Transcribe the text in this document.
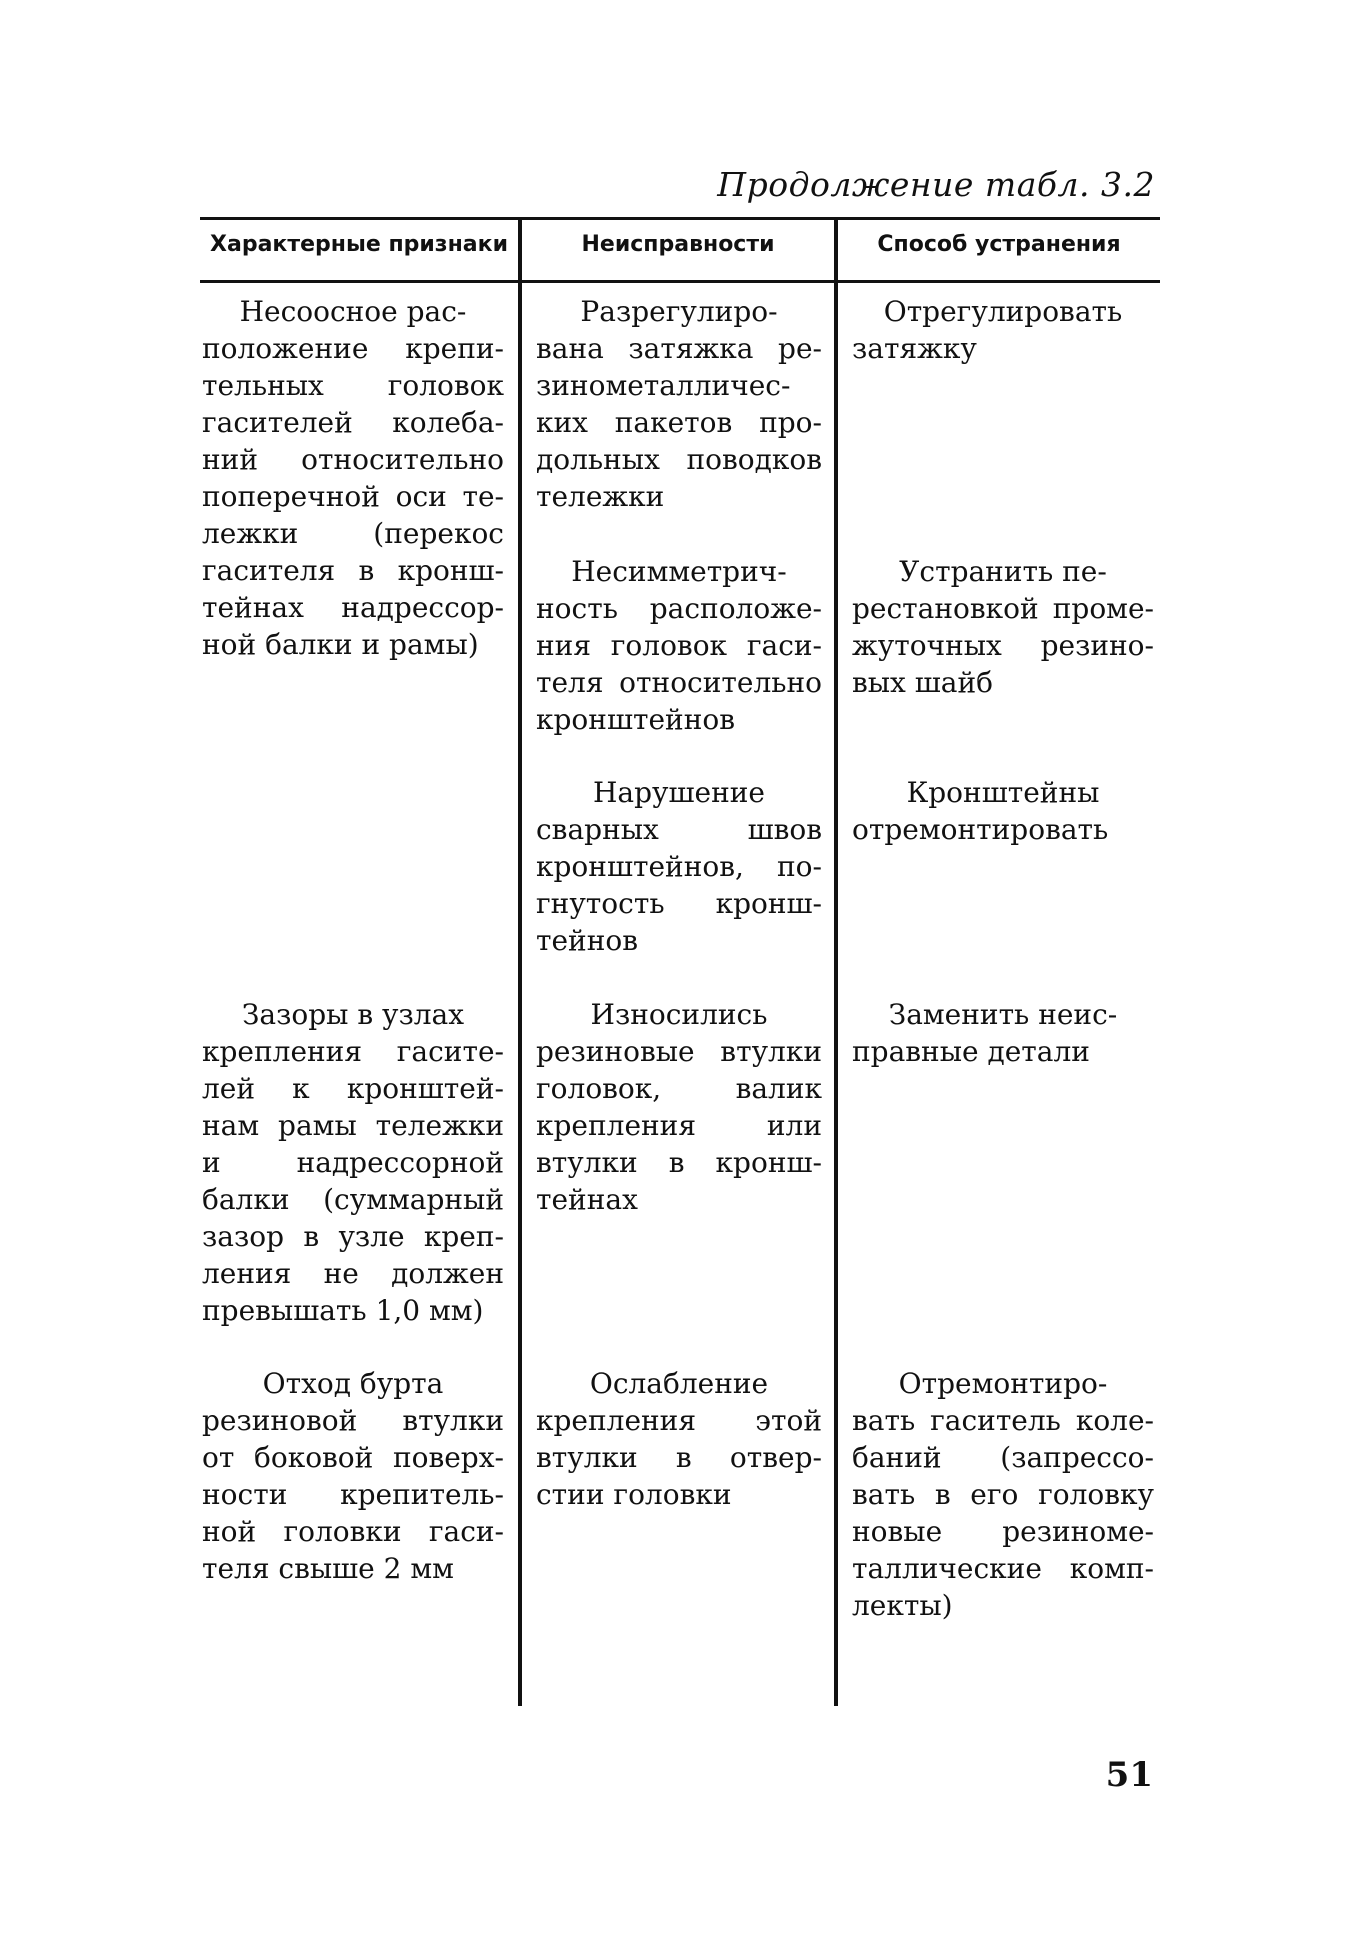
Продолжение табл. 3.2
Характерные признаки	Неисправности	Способ устранения
Несоосное рас-
положение крепи-
тельных головок
гасителей колеба-
ний относительно
поперечной оси те-
лежки (перекос
гасителя в кронш-
тейнах надрессор-
ной балки и рамы)
Разрегулиро-
вана затяжка ре-
зинометалличес-
ких пакетов про-
дольных поводков
тележки
Отрегулировать
затяжку
Несимметрич-
ность расположе-
ния головок гаси-
теля относительно
кронштейнов
Устранить пе-
рестановкой проме-
жуточных резино-
вых шайб
Нарушение
сварных швов
кронштейнов, по-
гнутость кронш-
тейнов
Кронштейны
отремонтировать
Зазоры в узлах
крепления гасите-
лей к кронштей-
нам рамы тележки
и надрессорной
балки (суммарный
зазор в узле креп-
ления не должен
превышать 1,0 мм)
Износились
резиновые втулки
головок, валик
крепления или
втулки в кронш-
тейнах
Заменить неис-
правные детали
Отход бурта
резиновой втулки
от боковой поверх-
ности крепитель-
ной головки гаси-
теля свыше 2 мм
Ослабление
крепления этой
втулки в отвер-
стии головки
Отремонтиро-
вать гаситель коле-
баний (запрессо-
вать в его головку
новые резиноме-
таллические комп-
лекты)
51
